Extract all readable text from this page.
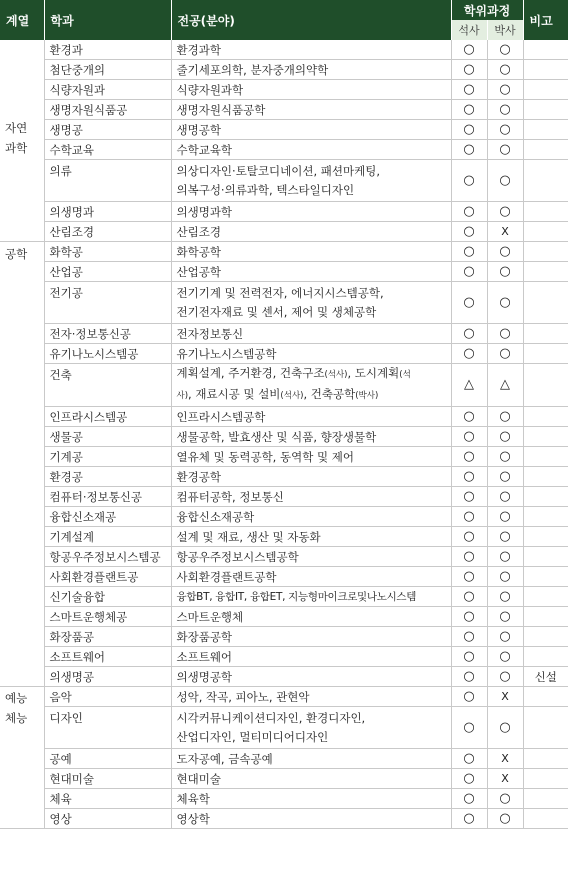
계열	학과	전공(분야)	학위과정		비고
			석사	박사	

자연
과학	환경과	환경과학	○	○	
	첨단중개의	줄기세포의학, 분자중개의약학	○	○	
	식량자원과	식량자원과학	○	○	
	생명자원식품공	생명자원식품공학	○	○	
	생명공	생명공학	○	○	
	수학교육	수학교육학	○	○	
	의류	의상디자인·토탈코디네이션, 패션마케팅,
의복구성·의류과학, 텍스타일디자인	○	○	
	의생명과	의생명과학	○	○	
	산림조경	산림조경	○	X	
공학	화학공	화학공학	○	○	
	산업공	산업공학	○	○	
	전기공	전기기계 및 전력전자, 에너지시스템공학,
전기전자재료 및 센서, 제어 및 생체공학	○	○	
	전자·정보통신공	전자정보통신	○	○	
	유기나노시스템공	유기나노시스템공학	○	○	
	건축	계획설계, 주거환경, 건축구조(석사), 도시계획(석
사), 재료시공 및 설비(석사), 건축공학(박사)	△	△	
	인프라시스템공	인프라시스템공학	○	○	
	생물공	생물공학, 발효생산 및 식품, 향장생물학	○	○	
	기계공	열유체 및 동력공학, 동역학 및 제어	○	○	
	환경공	환경공학	○	○	
	컴퓨터·정보통신공	컴퓨터공학, 정보통신	○	○	
	융합신소재공	융합신소재공학	○	○	
	기계설계	설계 및 재료, 생산 및 자동화	○	○	
	항공우주정보시스템공	항공우주정보시스템공학	○	○	
	사회환경플랜트공	사회환경플랜트공학	○	○	
	신기술융합	융합BT, 융합IT, 융합ET, 지능형마이크로및나노시스템	○	○	
	스마트운행체공	스마트운행체	○	○	
	화장품공	화장품공학	○	○	
	소프트웨어	소프트웨어	○	○	
	의생명공	의생명공학	○	○	신설

예능
체능	음악	성악, 작곡, 피아노, 관현악	○	X	
	디자인	시각커뮤니케이션디자인, 환경디자인,
산업디자인, 멀티미디어디자인	○	○	
	공예	도자공예, 금속공예	○	X	
	현대미술	현대미술	○	X	
	체육	체육학	○	○	
	영상	영상학	○	○	
